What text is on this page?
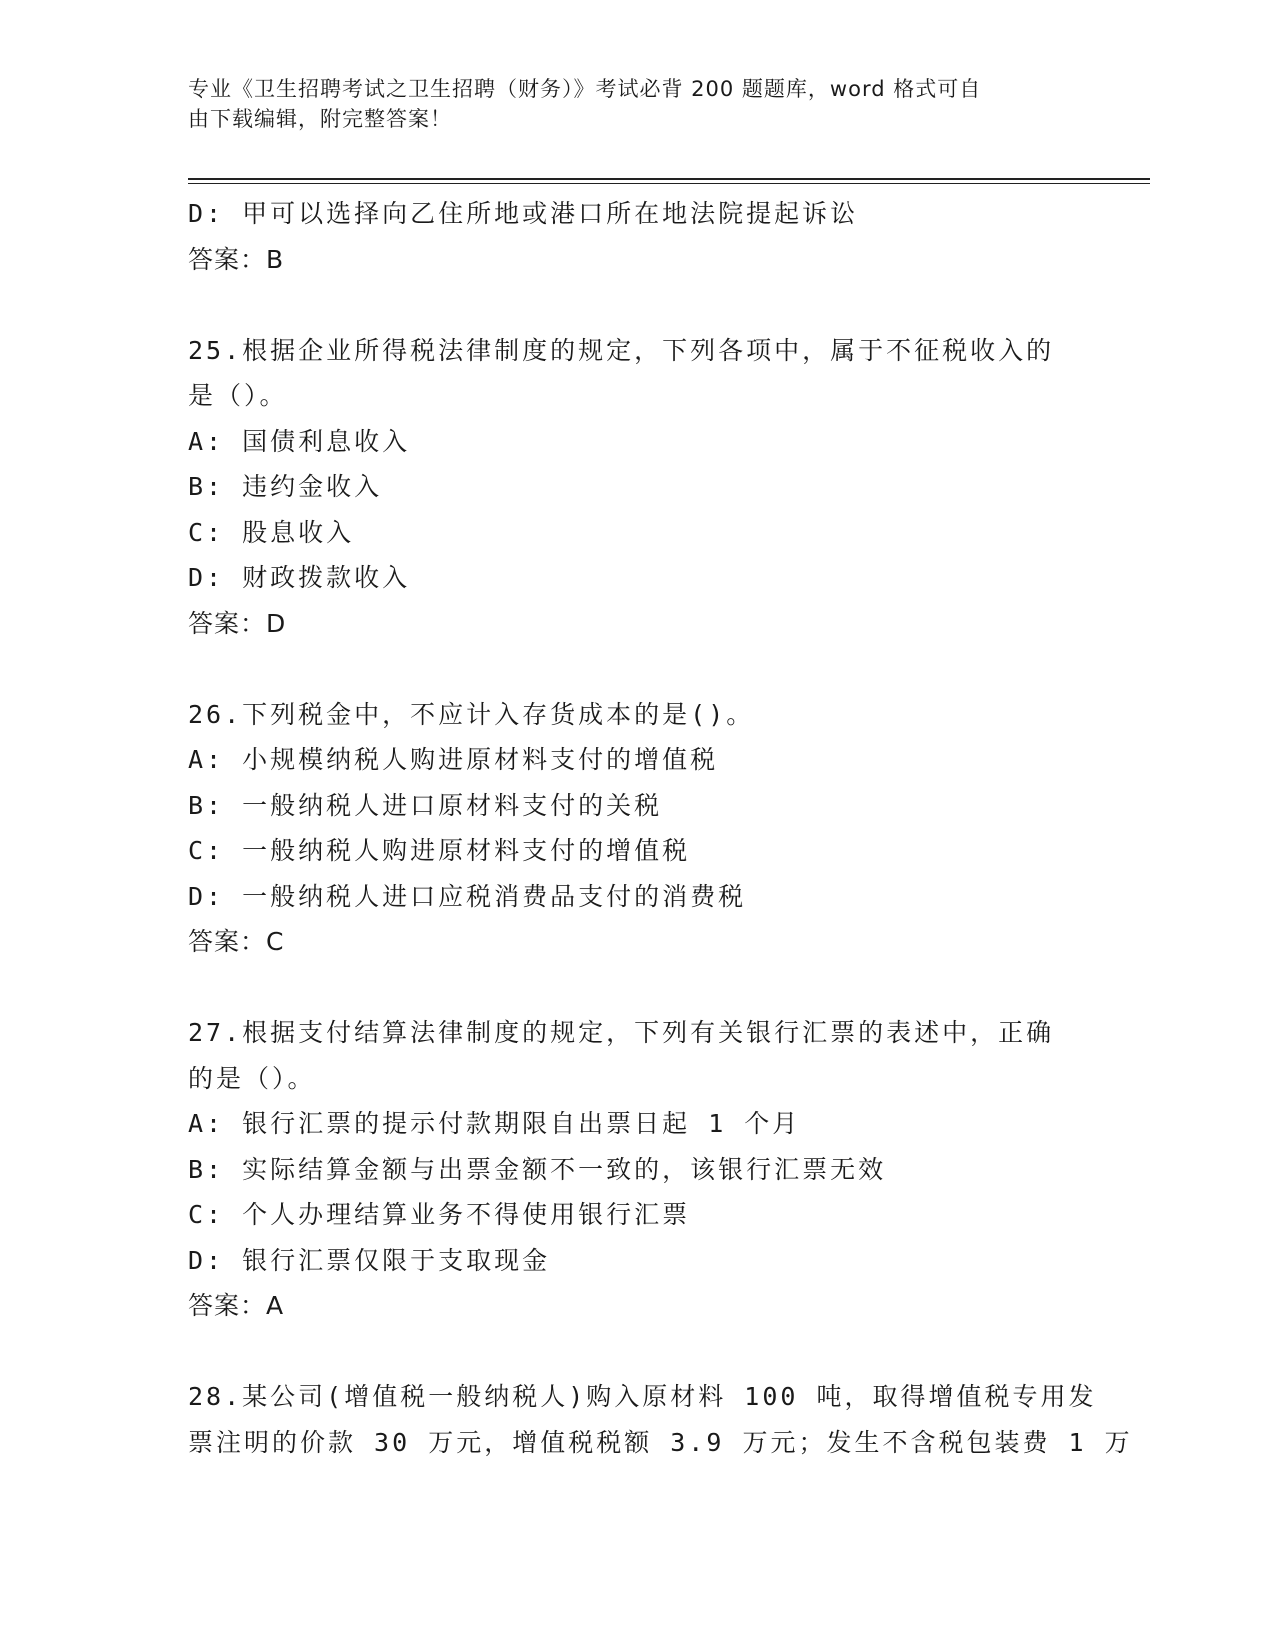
专业《卫生招聘考试之卫生招聘（财务）》考试必背 200 题题库，word 格式可自
由下载编辑，附完整答案！
D: 甲可以选择向乙住所地或港口所在地法院提起诉讼
答案：B
25.根据企业所得税法律制度的规定，下列各项中，属于不征税收入的
是（）。
A: 国债利息收入
B: 违约金收入
C: 股息收入
D: 财政拨款收入
答案：D
26.下列税金中，不应计入存货成本的是()。
A: 小规模纳税人购进原材料支付的增值税
B: 一般纳税人进口原材料支付的关税
C: 一般纳税人购进原材料支付的增值税
D: 一般纳税人进口应税消费品支付的消费税
答案：C
27.根据支付结算法律制度的规定，下列有关银行汇票的表述中，正确
的是（）。
A: 银行汇票的提示付款期限自出票日起 1 个月
B: 实际结算金额与出票金额不一致的，该银行汇票无效
C: 个人办理结算业务不得使用银行汇票
D: 银行汇票仅限于支取现金
答案：A
28.某公司(增值税一般纳税人)购入原材料 100 吨，取得增值税专用发
票注明的价款 30 万元，增值税税额 3.9 万元；发生不含税包装费 1 万
